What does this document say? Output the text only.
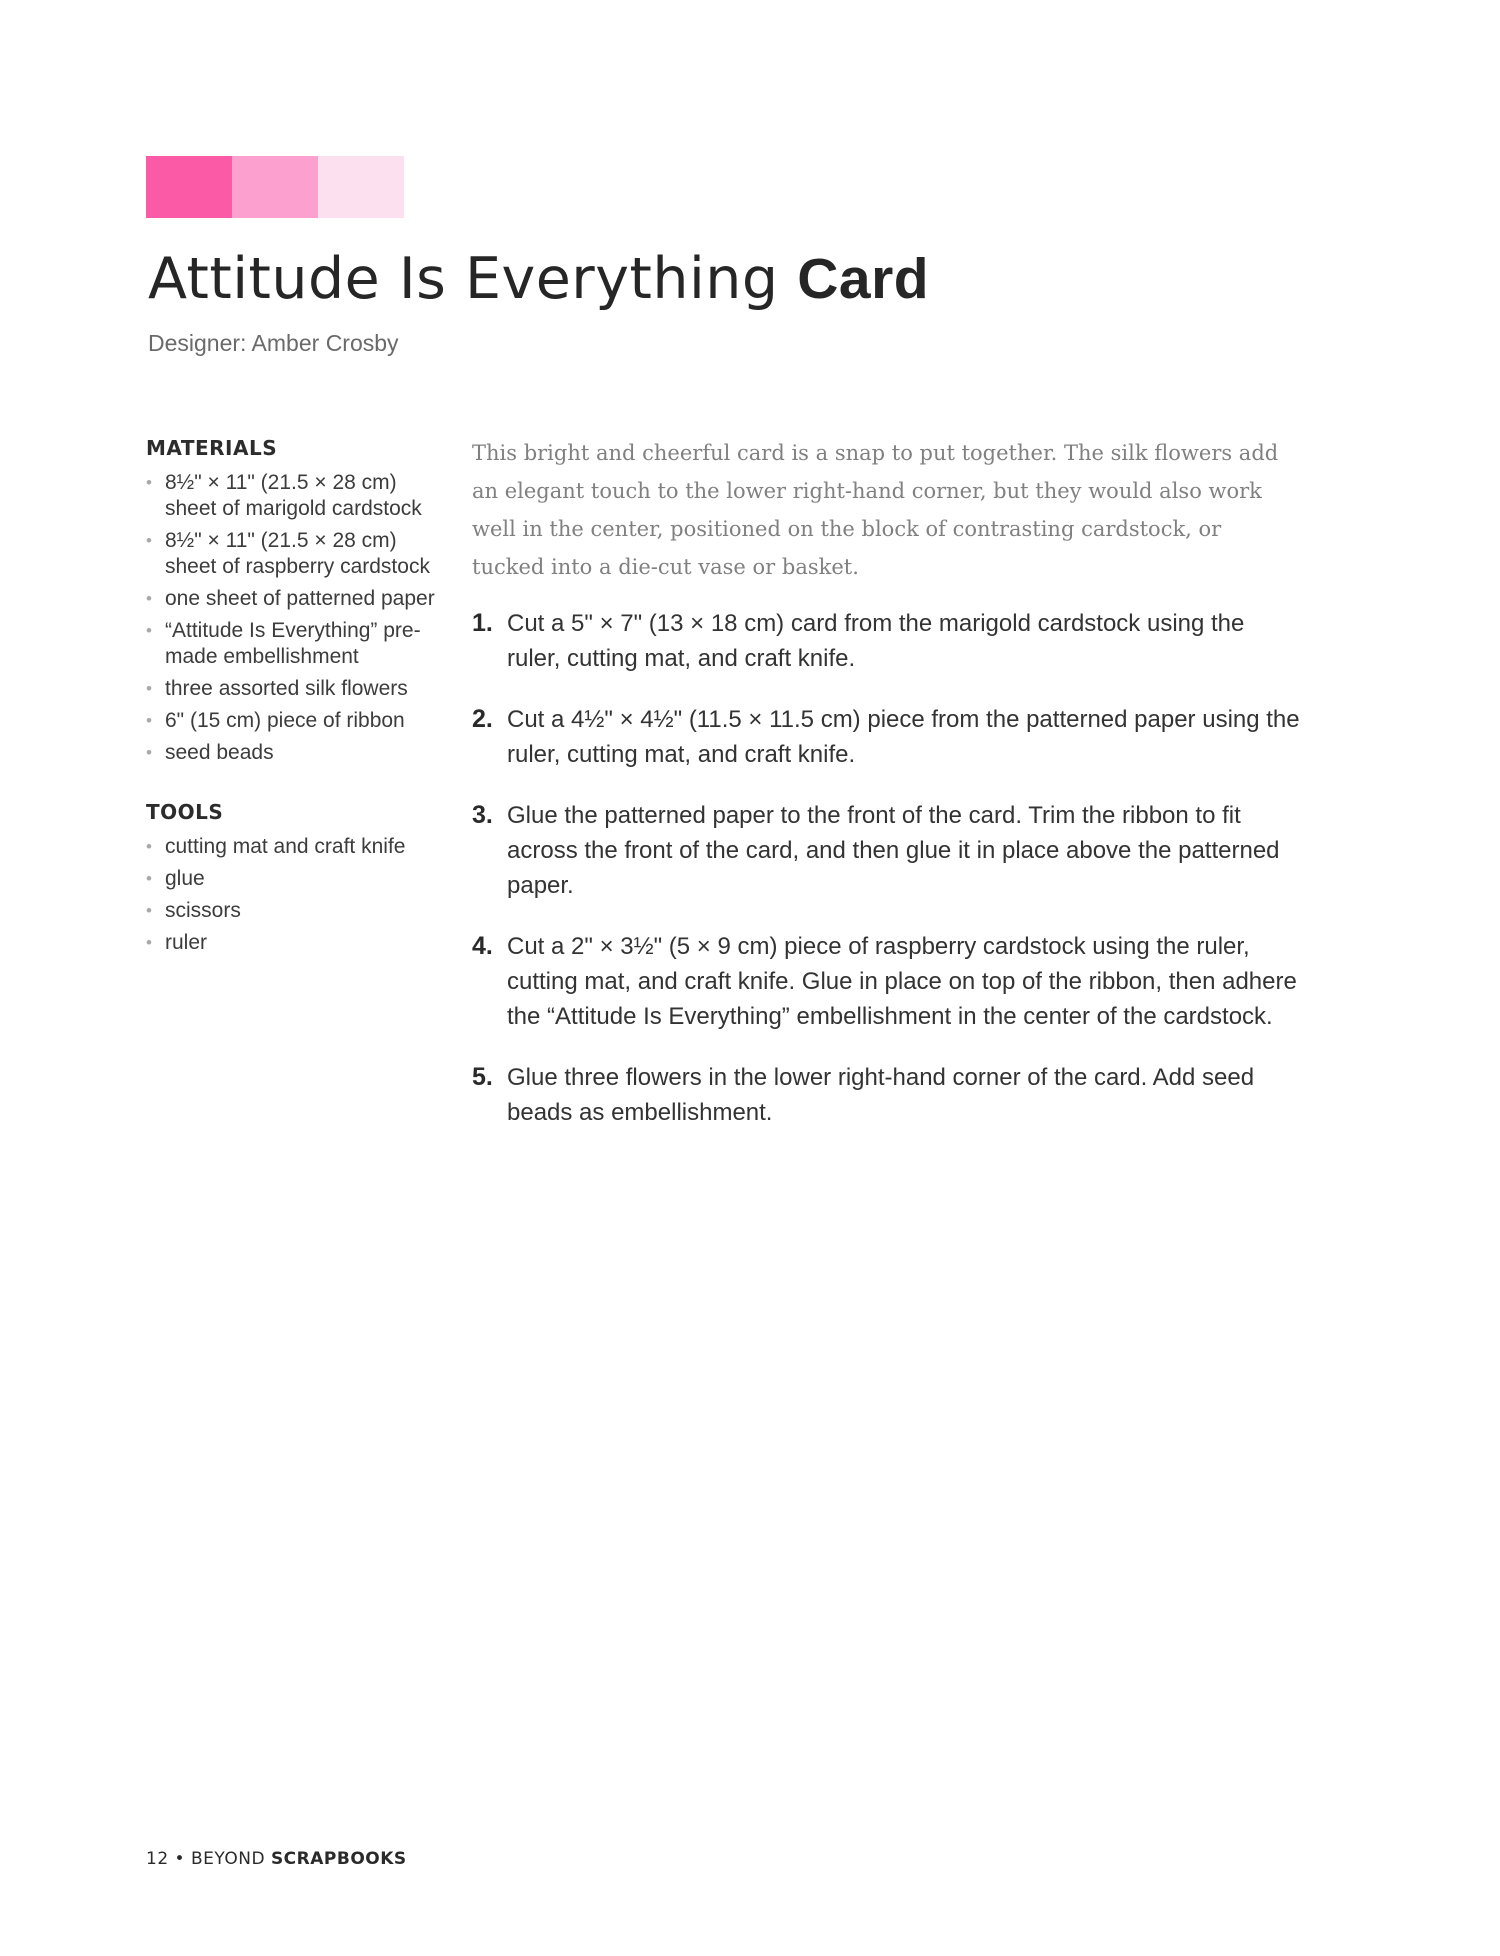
Attitude Is Everything Card
Designer: Amber Crosby
MATERIALS
• 8½" × 11" (21.5 × 28 cm) sheet of marigold cardstock
• 8½" × 11" (21.5 × 28 cm) sheet of raspberry cardstock
• one sheet of patterned paper
• “Attitude Is Everything” pre-made embellishment
• three assorted silk flowers
• 6" (15 cm) piece of ribbon
• seed beads
TOOLS
• cutting mat and craft knife
• glue
• scissors
• ruler

This bright and cheerful card is a snap to put together. The silk flowers add an elegant touch to the lower right-hand corner, but they would also work well in the center, positioned on the block of contrasting cardstock, or tucked into a die-cut vase or basket.

1. Cut a 5" × 7" (13 × 18 cm) card from the marigold cardstock using the ruler, cutting mat, and craft knife.
2. Cut a 4½" × 4½" (11.5 × 11.5 cm) piece from the patterned paper using the ruler, cutting mat, and craft knife.
3. Glue the patterned paper to the front of the card. Trim the ribbon to fit across the front of the card, and then glue it in place above the patterned paper.
4. Cut a 2" × 3½" (5 × 9 cm) piece of raspberry cardstock using the ruler, cutting mat, and craft knife. Glue in place on top of the ribbon, then adhere the “Attitude Is Everything” embellishment in the center of the cardstock.
5. Glue three flowers in the lower right-hand corner of the card. Add seed beads as embellishment.
12 • BEYOND SCRAPBOOKS
